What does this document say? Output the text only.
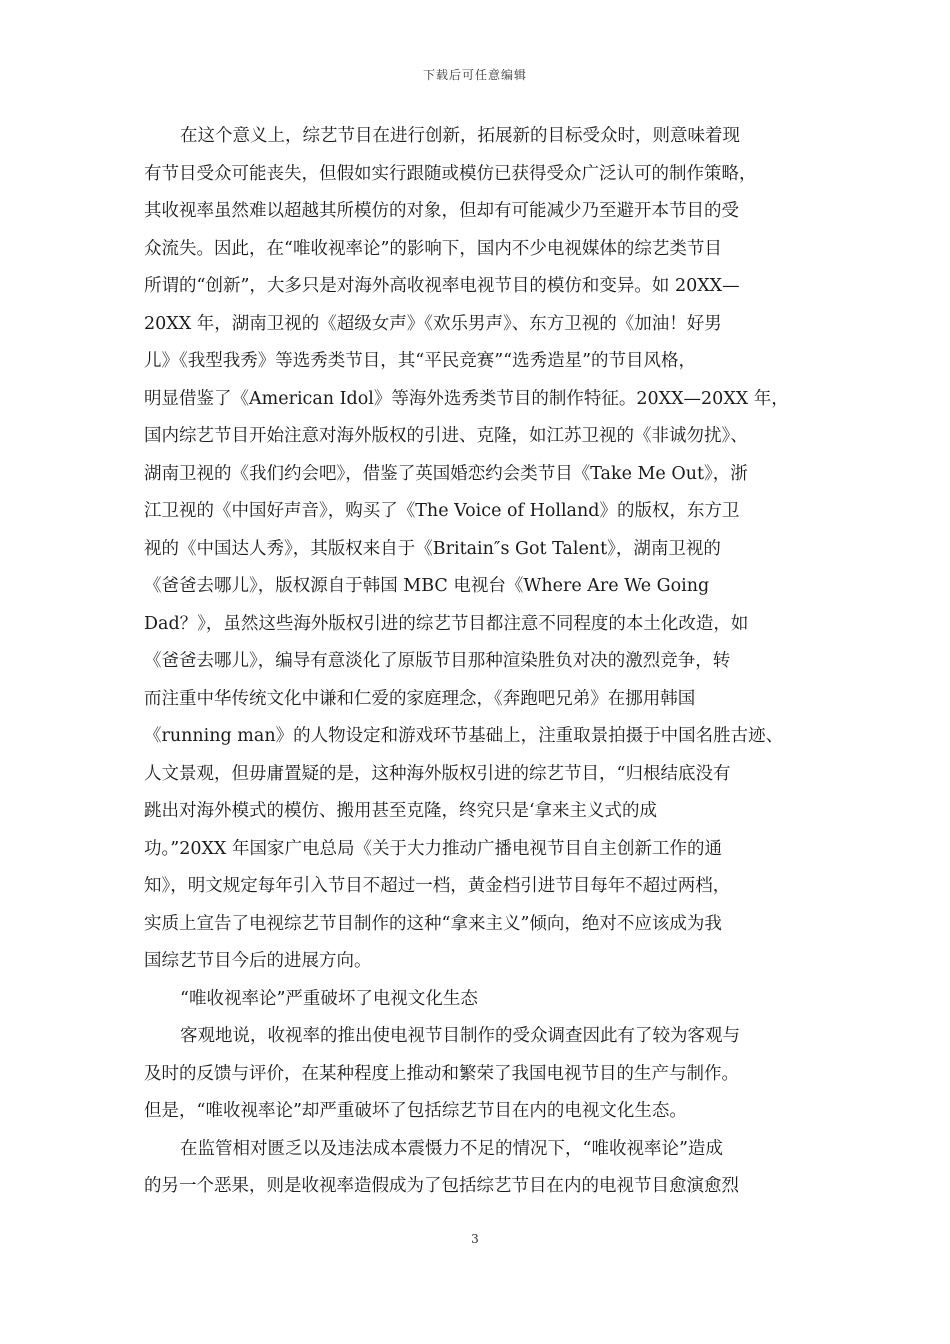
下载后可任意编辑
在这个意义上，综艺节目在进行创新，拓展新的目标受众时，则意味着现
有节目受众可能丧失，但假如实行跟随或模仿已获得受众广泛认可的制作策略，
其收视率虽然难以超越其所模仿的对象，但却有可能减少乃至避开本节目的受
众流失。因此，在“唯收视率论”的影响下，国内不少电视媒体的综艺类节目
所谓的“创新”，大多只是对海外高收视率电视节目的模仿和变异。如 20XX—
20XX 年，湖南卫视的《超级女声》《欢乐男声》、东方卫视的《加油！好男
儿》《我型我秀》等选秀类节目，其“平民竞赛”“选秀造星”的节目风格，
明显借鉴了《American Idol》等海外选秀类节目的制作特征。20XX—20XX 年，
国内综艺节目开始注意对海外版权的引进、克隆，如江苏卫视的《非诚勿扰》、
湖南卫视的《我们约会吧》，借鉴了英国婚恋约会类节目《Take Me Out》，浙
江卫视的《中国好声音》，购买了《The Voice of Holland》的版权，东方卫
视的《中国达人秀》，其版权来自于《Britain″s Got Talent》，湖南卫视的
《爸爸去哪儿》，版权源自于韩国 MBC 电视台《Where Are We Going
Dad？》，虽然这些海外版权引进的综艺节目都注意不同程度的本土化改造，如
《爸爸去哪儿》，编导有意淡化了原版节目那种渲染胜负对决的激烈竞争，转
而注重中华传统文化中谦和仁爱的家庭理念，《奔跑吧兄弟》在挪用韩国
《running man》的人物设定和游戏环节基础上，注重取景拍摄于中国名胜古迹、
人文景观，但毋庸置疑的是，这种海外版权引进的综艺节目，“归根结底没有
跳出对海外模式的模仿、搬用甚至克隆，终究只是‘拿来主义式的成
功。”20XX 年国家广电总局《关于大力推动广播电视节目自主创新工作的通
知》，明文规定每年引入节目不超过一档，黄金档引进节目每年不超过两档，
实质上宣告了电视综艺节目制作的这种“拿来主义”倾向，绝对不应该成为我
国综艺节目今后的进展方向。
“唯收视率论”严重破坏了电视文化生态
客观地说，收视率的推出使电视节目制作的受众调查因此有了较为客观与
及时的反馈与评价，在某种程度上推动和繁荣了我国电视节目的生产与制作。
但是，“唯收视率论”却严重破坏了包括综艺节目在内的电视文化生态。
在监管相对匮乏以及违法成本震慑力不足的情况下，“唯收视率论”造成
的另一个恶果，则是收视率造假成为了包括综艺节目在内的电视节目愈演愈烈
3
